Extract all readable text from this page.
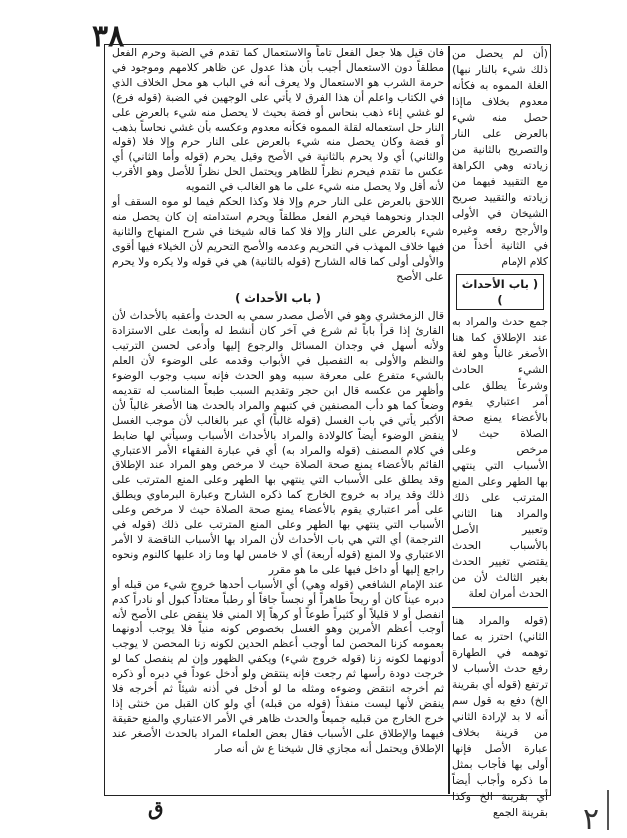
٣٨

فان قيل هلا جعل الفعل تاماً والاستعمال كما تقدم في الضبة وحرم الفعل مطلقاً دون الاستعمال أجيب بأن هذا عدول عن ظاهر كلامهم وموجود في حرمة الشرب هو الاستعمال ولا يعرف أنه في الباب هو محل الخلاف الذي في الكتاب واعلم أن هذا الفرق لا يأتي على الوجهين في الضبة (قوله فرع) لو غشي إناء ذهب بنحاس أو فضة بحيث لا يحصل منه شيء بالعرض على النار حل استعماله لقلة المموه فكأنه معدوم وعكسه بأن غشي نحاساً بذهب أو فضة وكان يحصل منه شيء بالعرض على النار حرم وإلا فلا (قوله والثاني) أي ولا يحرم بالثانية في الأصح وقيل يحرم (قوله وأما الثاني) أي عكس ما تقدم فيحرم نظراً للظاهر ويحتمل الحل نظراً للأصل وهو الأقرب لأنه أقل ولا يحصل منه شيء على ما هو الغالب في التمويه

اللاحق بالعرض على النار حرم وإلا فلا وكذا الحكم فيما لو موه السقف أو الجدار ونحوهما فيحرم الفعل مطلقاً ويحرم استدامته إن كان يحصل منه شيء بالعرض على النار وإلا فلا كما قاله شيخنا في شرح المنهاج والثانية فيها خلاف المهذب في التحريم وعدمه والأصح التحريم لأن الخيلاء فيها أقوى والأولى أولى كما قاله الشارح (قوله بالثانية) هي في قوله ولا يكره ولا يحرم على الأصح

( باب الأحداث )

قال الزمخشري وهو في الأصل مصدر سمي به الحدث وأعقبه بالأحداث لأن القارئ إذا قرأ باباً ثم شرع في آخر كان أنشط له وأبعث على الاستزادة ولأنه أسهل في وجدان المسائل والرجوع إليها وأدعى لحسن الترتيب والنظم والأولى به التفصيل في الأبواب وقدمه على الوضوء لأن العلم بالشيء متفرع على معرفة سببه وهو الحدث فإنه سبب وجوب الوضوء وأظهر من عكسه قال ابن حجر وتقديم السبب طبعاً المناسب له تقديمه وضعاً كما هو دأب المصنفين في كتبهم والمراد بالحدث هنا الأصغر غالباً لأن الأكبر يأتي في باب الغسل (قوله غالباً) أي عبر بالغالب لأن موجب الغسل ينقض الوضوء أيضاً كالولادة والمراد بالأحداث الأسباب وسيأتي لها ضابط في كلام المصنف (قوله والمراد به) أي في عبارة الفقهاء الأمر الاعتباري القائم بالأعضاء يمنع صحة الصلاة حيث لا مرخص وهو المراد عند الإطلاق وقد يطلق على الأسباب التي ينتهي بها الطهر وعلى المنع المترتب على ذلك وقد يراد به خروج الخارج كما ذكره الشارح وعبارة البرماوي ويطلق على أمر اعتباري يقوم بالأعضاء يمنع صحة الصلاة حيث لا مرخص وعلى الأسباب التي ينتهي بها الطهر وعلى المنع المترتب على ذلك (قوله في الترجمة) أي التي هي باب الأحداث لأن المراد بها الأسباب الناقضة لا الأمر الاعتباري ولا المنع (قوله أربعة) أي لا خامس لها وما زاد عليها كالنوم ونحوه راجع إليها أو داخل فيها على ما هو مقرر

عند الإمام الشافعي (قوله وهي) أي الأسباب أحدها خروج شيء من قبله أو دبره عيناً كان أو ريحاً طاهراً أو نجساً جافاً أو رطباً معتاداً كبول أو نادراً كدم انفصل أو لا قليلاً أو كثيراً طوعاً أو كرهاً إلا المني فلا ينقض على الأصح لأنه أوجب أعظم الأمرين وهو الغسل بخصوص كونه منياً فلا يوجب أدونهما بعمومه كزنا المحصن لما أوجب أعظم الحدين لكونه زنا المحصن لا يوجب أدونهما لكونه زنا (قوله خروج شيء) ويكفي الظهور وإن لم ينفصل كما لو خرجت دودة رأسها ثم رجعت فإنه ينتقض ولو أدخل عوداً في دبره أو ذكره ثم أخرجه انتقض وضوءه ومثله ما لو أدخل في أذنه شيئاً ثم أخرجه فلا ينقض لأنها ليست منفذاً (قوله من قبله) أي ولو كان القبل من خنثى إذا خرج الخارج من قبليه جميعاً والحدث ظاهر في الأمر الاعتباري والمنع حقيقة فيهما والإطلاق على الأسباب فقال بعض العلماء المراد بالحدث الأصغر عند الإطلاق ويحتمل أنه مجازي قال شيخنا ع ش أنه صار

(أن لم يحصل من ذلك شيء بالنار نبها) الغلة المموه به فكأنه معدوم بخلاف ماإذا حصل منه شيء بالعرض على النار والتصريح بالثانية من زيادته وهي الكراهة مع التقييد فيهما من زيادته والتقييد صريح الشيخان في الأولى والأرجح رفعه وغيره في الثانية أخذاً من كلام الإمام

( باب الأحداث )

جمع حدث والمراد به عند الإطلاق كما هنا الأصغر غالباً وهو لغة الشيء الحادث وشرعاً يطلق على أمر اعتباري يقوم بالأعضاء يمنع صحة الصلاة حيث لا مرخص وعلى الأسباب التي ينتهي بها الطهر وعلى المنع المترتب على ذلك والمراد هنا الثاني وتعبير الأصل بالأسباب الحدث يقتضي تغيير الحدث بغير الثالث لأن من الحدث أمران لعلة

(قوله والمراد هنا الثاني) احترز به عما توهمه في الطهارة رفع حدث الأسباب لا ترتفع (قوله أي بقرينة الخ) دفع به قول سم أنه لا بد لإرادة الثاني من قرينة بخلاف عبارة الأصل فإنها أولى بها فأجاب بمثل ما ذكره وأجاب أيضاً أي بقرينة الخ وكذا بقرينة الجمع

ق	٢
